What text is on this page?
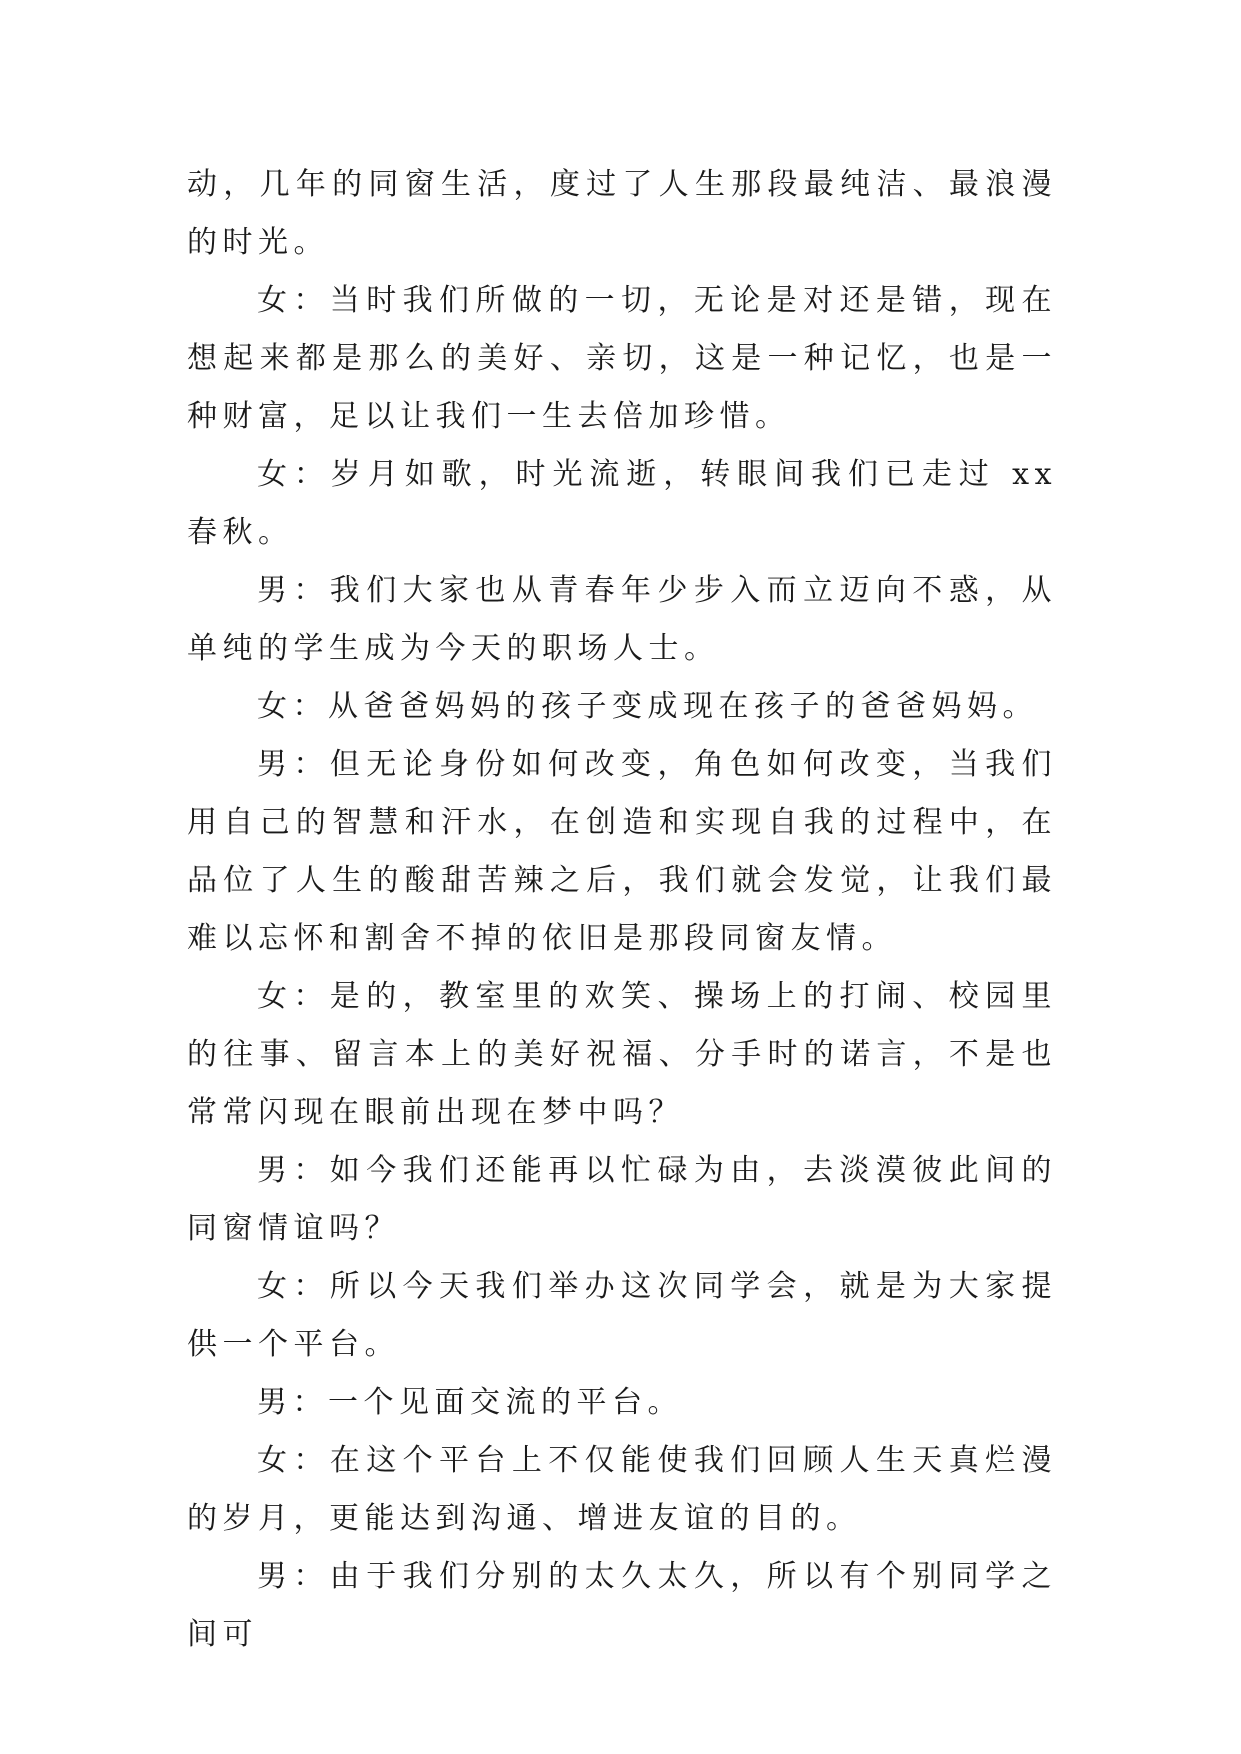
动，几年的同窗生活，度过了人生那段最纯洁、最浪漫的时光。

女：当时我们所做的一切，无论是对还是错，现在想起来都是那么的美好、亲切，这是一种记忆，也是一种财富，足以让我们一生去倍加珍惜。

女：岁月如歌，时光流逝，转眼间我们已走过 xx 春秋。

男：我们大家也从青春年少步入而立迈向不惑，从单纯的学生成为今天的职场人士。

女：从爸爸妈妈的孩子变成现在孩子的爸爸妈妈。

男：但无论身份如何改变，角色如何改变，当我们用自己的智慧和汗水，在创造和实现自我的过程中，在品位了人生的酸甜苦辣之后，我们就会发觉，让我们最难以忘怀和割舍不掉的依旧是那段同窗友情。

女：是的，教室里的欢笑、操场上的打闹、校园里的往事、留言本上的美好祝福、分手时的诺言，不是也常常闪现在眼前出现在梦中吗？

男：如今我们还能再以忙碌为由，去淡漠彼此间的同窗情谊吗？

女：所以今天我们举办这次同学会，就是为大家提供一个平台。

男：一个见面交流的平台。

女：在这个平台上不仅能使我们回顾人生天真烂漫的岁月，更能达到沟通、增进友谊的目的。

男：由于我们分别的太久太久，所以有个别同学之间可
